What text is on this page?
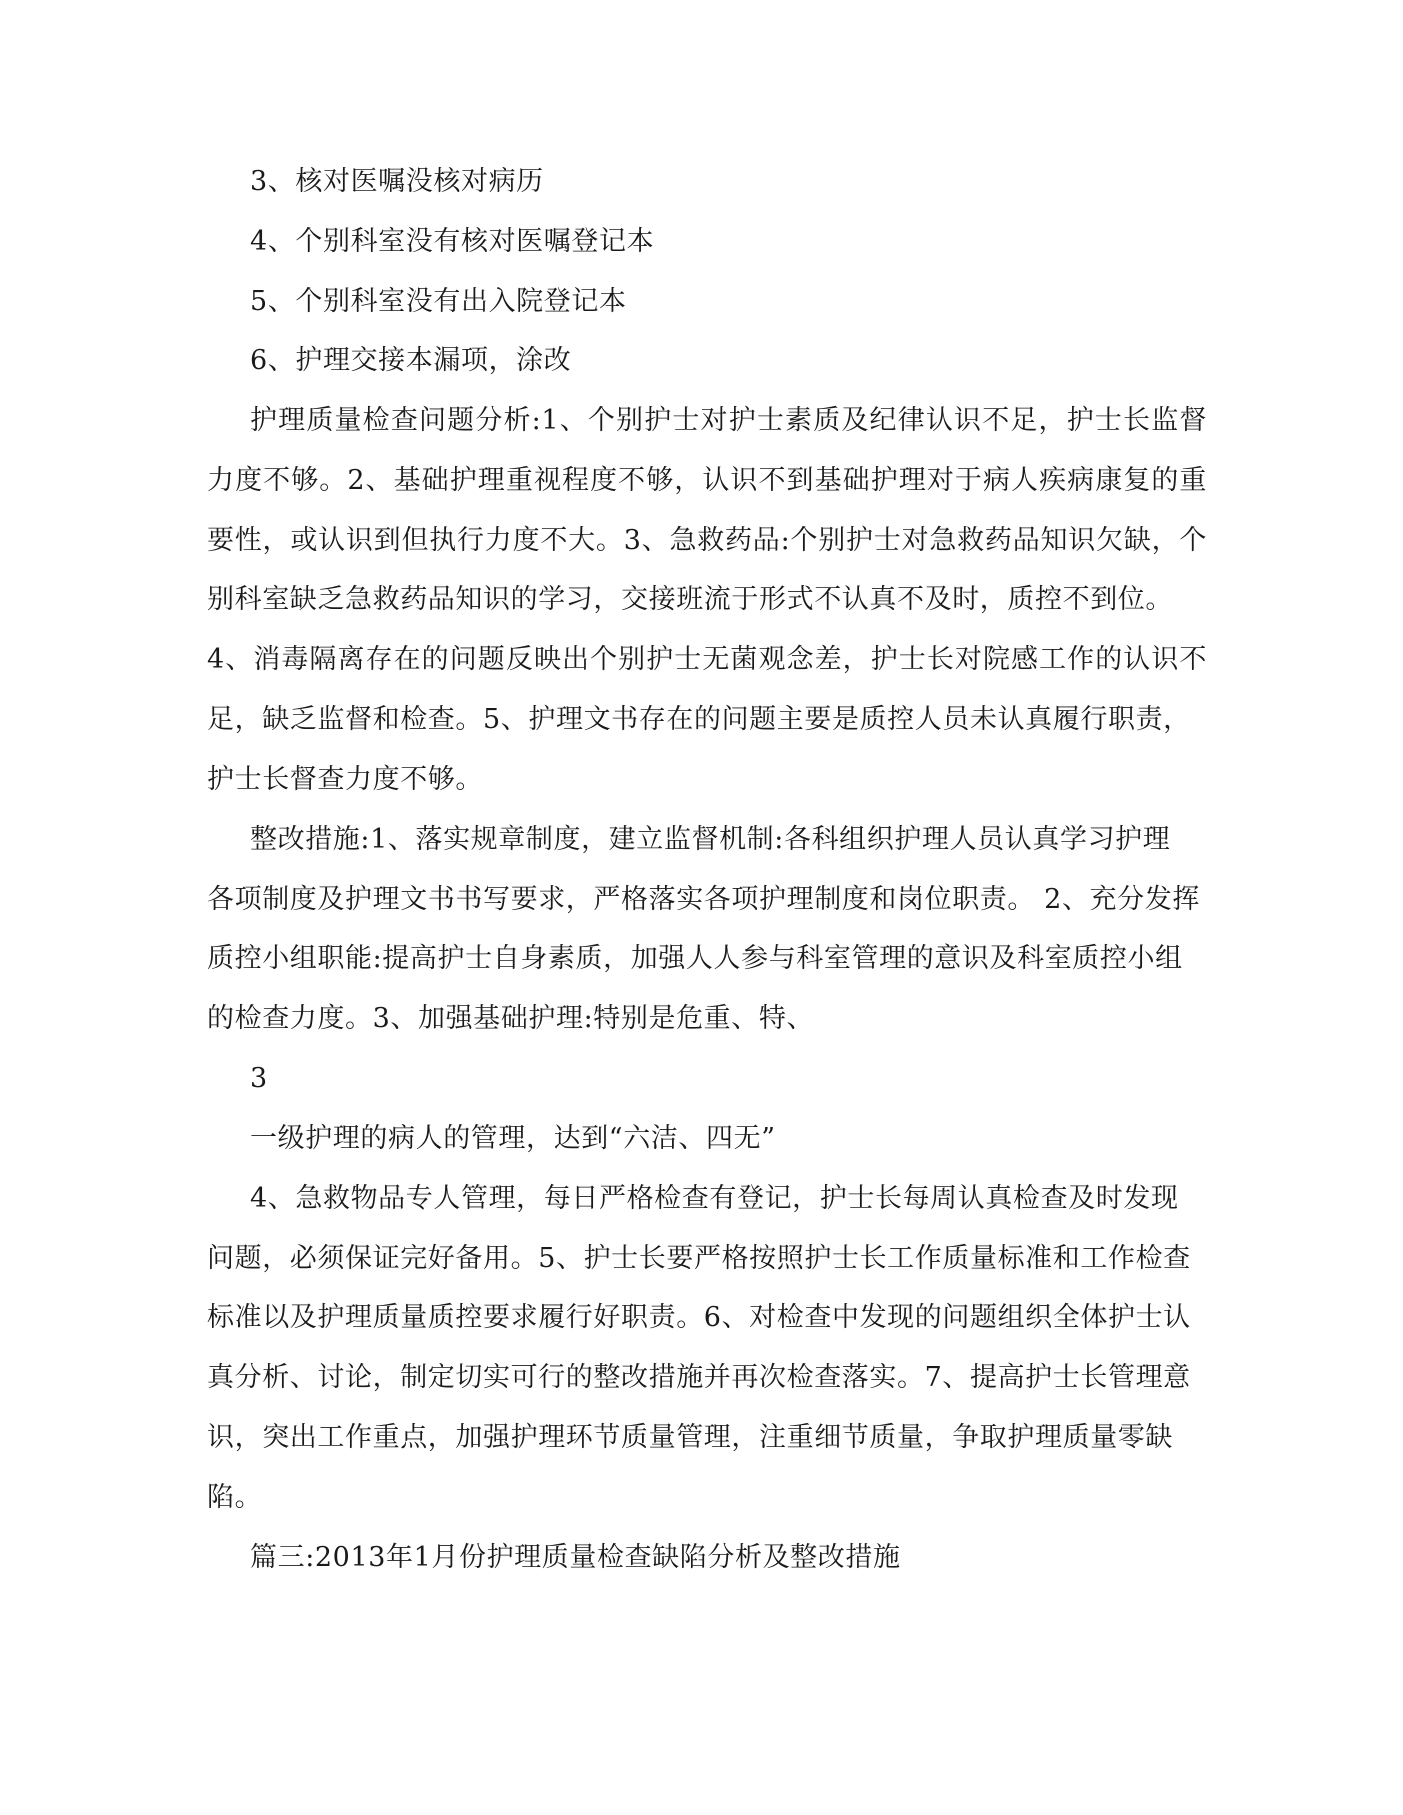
3、核对医嘱没核对病历
4、个别科室没有核对医嘱登记本
5、个别科室没有出入院登记本
6、护理交接本漏项，涂改
护理质量检查问题分析:1、个别护士对护士素质及纪律认识不足，护士长监督
力度不够。2、基础护理重视程度不够，认识不到基础护理对于病人疾病康复的重
要性，或认识到但执行力度不大。3、急救药品:个别护士对急救药品知识欠缺，个
别科室缺乏急救药品知识的学习，交接班流于形式不认真不及时，质控不到位。
4、消毒隔离存在的问题反映出个别护士无菌观念差，护士长对院感工作的认识不
足，缺乏监督和检查。5、护理文书存在的问题主要是质控人员未认真履行职责，
护士长督查力度不够。
整改措施:1、落实规章制度，建立监督机制:各科组织护理人员认真学习护理
各项制度及护理文书书写要求，严格落实各项护理制度和岗位职责。 2、充分发挥
质控小组职能:提高护士自身素质，加强人人参与科室管理的意识及科室质控小组
的检查力度。3、加强基础护理:特别是危重、特、
3
一级护理的病人的管理，达到“六洁、四无”
4、急救物品专人管理，每日严格检查有登记，护士长每周认真检查及时发现
问题，必须保证完好备用。5、护士长要严格按照护士长工作质量标准和工作检查
标准以及护理质量质控要求履行好职责。6、对检查中发现的问题组织全体护士认
真分析、讨论，制定切实可行的整改措施并再次检查落实。7、提高护士长管理意
识，突出工作重点，加强护理环节质量管理，注重细节质量，争取护理质量零缺
陷。
篇三:2013年1月份护理质量检查缺陷分析及整改措施
